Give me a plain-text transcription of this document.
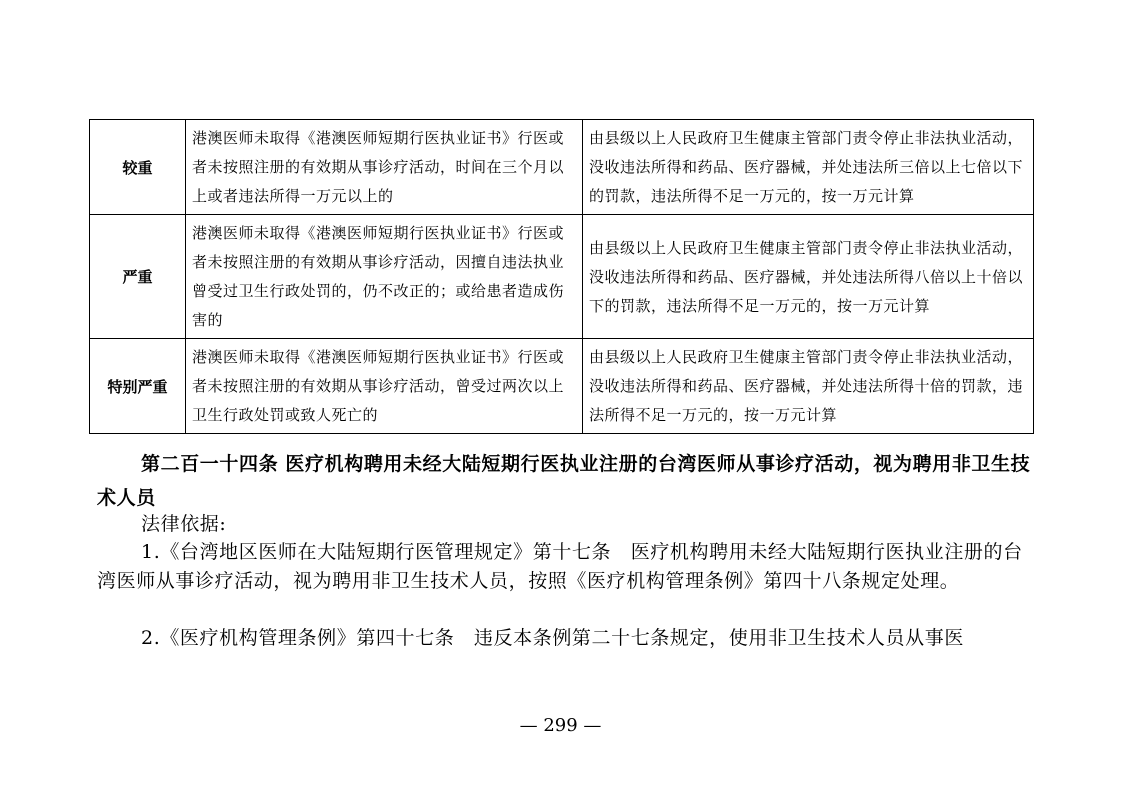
较重	港澳医师未取得《港澳医师短期行医执业证书》行医或者未按照注册的有效期从事诊疗活动，时间在三个月以上或者违法所得一万元以上的	由县级以上人民政府卫生健康主管部门责令停止非法执业活动，没收违法所得和药品、医疗器械，并处违法所三倍以上七倍以下的罚款，违法所得不足一万元的，按一万元计算
严重	港澳医师未取得《港澳医师短期行医执业证书》行医或者未按照注册的有效期从事诊疗活动，因擅自违法执业曾受过卫生行政处罚的，仍不改正的；或给患者造成伤害的	由县级以上人民政府卫生健康主管部门责令停止非法执业活动，没收违法所得和药品、医疗器械，并处违法所得八倍以上十倍以下的罚款，违法所得不足一万元的，按一万元计算
特别严重	港澳医师未取得《港澳医师短期行医执业证书》行医或者未按照注册的有效期从事诊疗活动，曾受过两次以上卫生行政处罚或致人死亡的	由县级以上人民政府卫生健康主管部门责令停止非法执业活动，没收违法所得和药品、医疗器械，并处违法所得十倍的罚款，违法所得不足一万元的，按一万元计算
第二百一十四条 医疗机构聘用未经大陆短期行医执业注册的台湾医师从事诊疗活动，视为聘用非卫生技术人员
法律依据:
1.《台湾地区医师在大陆短期行医管理规定》第十七条　医疗机构聘用未经大陆短期行医执业注册的台湾医师从事诊疗活动，视为聘用非卫生技术人员，按照《医疗机构管理条例》第四十八条规定处理。
2.《医疗机构管理条例》第四十七条　违反本条例第二十七条规定，使用非卫生技术人员从事医
— 299 —
